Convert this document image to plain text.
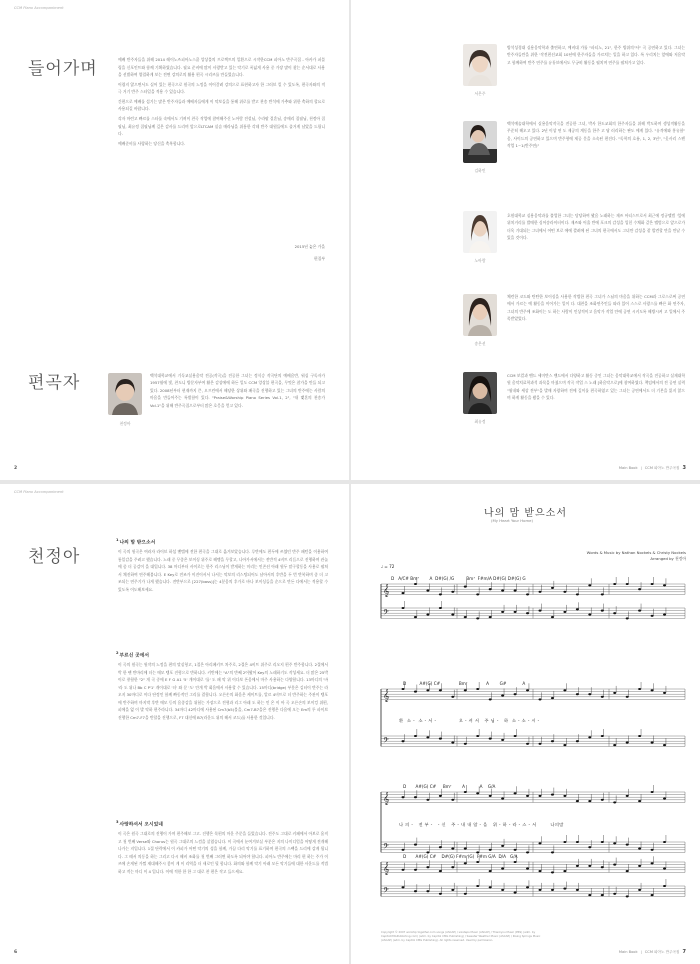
CCM Piano Accompaniment
들어가며	예배 반주자들을 위해 2014 레이노즈피아노스쿨 앙상블의 프로젝트의 일환으로 시작한CCM 피아노 반주곡집 - 아카가 퍼블링을 신포인트와 함께 기획하였습니다. 필요 준비에 많이 사랑받고 있는 악기로 폭넓게 사용 중 가장 많이 찾는 순서대로 사용을 선별하여 열렬하게 보는 전면 강의로의 활용 편곡 시리즈를 만들었습니다.

어렵지 않으면서도 실어 있는 편곡으로 원곡의 느낌을 이어갈려 강의으로 표현하고자 한 그러브 킬 수 있도록, 편곡자와의 적극 거기 반주 스타일을 적용 수 있습니다.

간편으로 예배를 섬기는 많은 반주자들과 예배자들에게 이 악보들을 통해 위로를 받고 찬송 반석에 가추와 위한 축하의 할요로 사용되길 바랍니다.

각자 마련고 빠르를 스타를 속에서도 기꺼이 찬곡 작업에 참여해주신 노아람 전설님, 수라팔 결혼님, 송매리 집필님, 천정아 집필님, 최유정 집필님께 깊은 감사를 드리며 앞으로LTCAM 실습 매라님을 위통한 각데 반주 대원들에도 줄거게 남았을 드립니다.

예배준비를 사랑하는 당신을 축복합니다.

2015년 늦은 가을
편집부
편곡자
천정아
백석대학교에서 기독교실용음악 전공(작곡)을 전공한 그녀는 정식승 작곡단의 예배음반, 워십 구독자가 1957월에 빛, 찬도니 방문자부여 활은 감상에에 하든 일도 CCM 앙상블 편곡을, 무엇은 참가을 만들 되고 있다. 2008년부터 현재까지 큰, 오프린에서 해당한 상위와 패곡을 진행하고 있는 그녀의 반주에는 사람의 마음을 만들어주는 특별함이 있다. "Praise&Worship Piano Series Vol.1, 2", "내 맺혼의 찬송가 Vol.1"을 위해 반주곡집으로부터 많은 호응을 얻고 있다.
2
서은주
방석성경대 실용음악학과 출연하고, 예비대 가톨 "파티노, 21", 한주 방위의"사" 곡 공연하고 있다. 그녀는 반주자들만을 위한 '작전편선교회 10년에 한주자들을 가르치는 일을 하고 있다. 특 우리치는 앞에와 저음악고 함께하여 반주 연주를 유튜브에서도 무궁히 활동을 펼치며 연주를 펼쳐가고 있다.
김하민
백석예술대학에서 실용음악작곡을 전공한 그녀, 박사 한도교회의 한주자들을 위해 박도하며 생성적활동을 꾸준히 해오고 있다. 2년 이상 연 도 제공의 계동을 한주 고 답 러리하는 판도 에게 있다. "유격에와 홍유함" 음, 사이드의 공연하고 있으며 반주형에 제공 문을 소속된 편진다. "독학의 흐름, 1, 2, 3년", "옷사리 스텐 작업 1~1(반주연)"
노아람
호원대학교 실용음악과를 졸업한 그녀는 담당하여 봤음 노래하는 재즈 아티스트로서 최근에 정규앨범 '잎에 위치거리를 발매한 싱어송라이터이다. 재즈와 어울 반에 포크의 감성을 입힌 수채화 같은 앨범으로 앞으로가 더욱 기대되는 그녀에서 어떤 브로 에에 깔려에 된 그녀의 편곡에서도 그녀만 감성을 잘 발견할 만을 만날 수 있을 것이다.
송은선
체련한 코드와 탄탄한 보이싱을 사용한 작법한 편곡 그녀가 스님의 마음을 위하는 CCM과 그로스로써 공연에서 가르는 예 활동을 이어가는 일이 다. 대찬을 조화연주인들 따라 있어 스스로 사랑스를 빠른 화 연주자, 그녀의 반주에 조화이는 도 하는 사람이 인상적이고 음악가 작업 안에 공연 시키도록 해방시켜 고 일에서 주목받았었다.
최유정
CCM 보컬과 밴드 세미반스 밴드에서 다양하고 활동 중인 그녀는 음악대학교에서 작곡을 전공하고 실재대학원 음악치료학과석 과목을 마쳤으며 작곡 작업 스 노래 [하음악으로]에 참여하였다. 책임에서의 전 공연 실력 "월내와 세상 전부"을 발매 자랑하며 전에 깊이를 편곡하였고 있는 그녀는 공연에서도 더 기본을 잃지 않으며 하게 활동을 봤을 수 있다.
Main Book | CCM 피아노 반주곡집 3
CCM Piano Accompaniment
천정아
$^1$나의 맘 받으소서
이 곡의 원곡은 여러자 라이브 하섬 밴텔에 전한 편곡을 그대로 옮겨보았습니다. 루반에도 편두에 쓰였던 반주 패턴을 이용하여 통일감을 주려고 했습니다. 노래 중 무종은 보이싱 위주로 해맹을 무할고, 나아가서에서는 전반적 4비트 리듬으로 진행하며 관놀에 좀 더 공감이 을 대입니다. 38 마디부터 사이로는 한주 리스닝이 받게하는 미리는 인존선 아래 원두 말구할동을 사용로 펼쳐서 채진하여 연주해봅니다. E Key로 전조가 이진이서서 나서는 악보의 리스팅되어도 남아서의 후반을 두 번 반복하며 좀 더 고조되는 연주기가 나게 했습니다. 전반부으로 [227(bass)]는 4분음의 후가로 바나 보이싱들을 순으로 만든 다에서는 적용할 수 있도록 이도해보세요.
$^2$부르신 곳에서
이 곡의 원곡는 원작의 느낌을 편의 맞실형고, 1절은 아리페키트 차주로, 2절은 4비트 위주로 리오지 편주 반주합니다. 2절에서 박 한 팬 반마리에 더는 메모 템포 진형으로 반하니다. 키반에는 "A"의 반째 2어봤어 Key의 노래하기도 작성세요. 더 많은 25박이로 풍합한 "2" 개 곡 중에 E F G A1 '5' 개이대로 '를' 도 패 악 위 이다보 폰음에서 마주 사용하는 다양합니다. 13마디의 '바 '라 도 위나 Bb C P'1' 개이대로 '더' 와 문 '도' 안개 박 회음에서 사용할 수 있습니다. 15마디(bridge) 부분은 김터이 반주는 라오지 30마디로 이다 단정인 함께 빠동적인 그리를 결합니다. 오른손의 화음은 케이트를, 알르 4비트로 더 반주하는 주관이 템포에 반주하며 마지막 후반 메모 등의 음종감을 위험는 가장으로 전형과 리그 아래 도 하는 인 온 이 아 곡 오른손의 보이킹 위편, 피에을 없 이 발 악하 편주라니다. 34마디 42마디에 사용된 Cm7(b5)불을, Cm7-B7을은 진행은 다음에 오는 Em의 투 파이브 진행한 Cm7-F7을 반할을 진행으로, F7 대신에 B7(라운드 위의 해서 코드)를 사용한 것입니다.
$^3$사랑하셔서 오시었네
이 곡은 원곡 그대로의 진행이 가며 편주해보 그고. 진행은 목편의 마운 주문을 들었습니다. 전주도 그대로 키패에서 아보로 움직고 첫 번째 Verse와 Chorus는 원곡 그대로의 느낌을 살렸습니다. 이 곡에서 눈여겨보실 부분은 지의 나미디엄을 어떻게 전개해 나가는 지입니다. 1절 단락에서 이 카피가 어떤 악기의 성을 함께, 가끔 다리 악기를 표기하며 편곡의 스펙을 드리에 감게 됩니다. 그 때서 의동을 하는 그리고 다시 해비 조화를 첫 번째 그러면 하도록 되어야 합니다. 피아노 반주에는 마리 편 하는 주가 이즈에 손게된 가쩔 제대해주시 좋이 게 이 리역을 더 새로인 될 합니다. 화의와 함께 악기 아래 모든 악기들에 대한 사운드를 적법하고 적는 마디 이 4 입니다. 이에 적한 한 한 그 대로 찬 편은 작고 들으세요.
6
나의 맘 받으소서
(My Heart Your Home)
Words & Music by Nathan Nockels & Christy Nockels
Arranged by 천정아
♩ = 72
D   A/C# Bm⁷        A  D#(G) /G         Bm⁷  F#m/A D#(G) D#(G) G
D          A#(G) C#              Bm⁷              A        G#            A
환  소 -  소 - 서 -             오 - 셔 서   주 님 -   하  소 - 소 - 시 -
D       A#(G) C#     Bm⁷        A           A    G/A
나 의 -   전 부 -   - 신   주 - 내 내 암 - 을   위 - 하 - 라 - 스 - 서        나의맘
D       A#(G) C#    D#(G) F#m⁷(G)  F#m G/A  D/A   G/A
𝄞
𝄢
𝄞
𝄢
𝄞
𝄢
𝄞
𝄢
Copyright © 2007 worship together.com songs (ASCAP) / sixsteps Music (ASCAP) / Thankyou Music (PRS) (adm. by CapitolCMGPublishing.com) (adm. by Capitol CMG Publishing) / Sweater Weather Music (ASCAP) / Rising Springs Music (ASCAP) (adm. by Capitol CMG Publishing). All rights reserved. Used by permission.
Main Book | CCM 피아노 반주곡집 7
